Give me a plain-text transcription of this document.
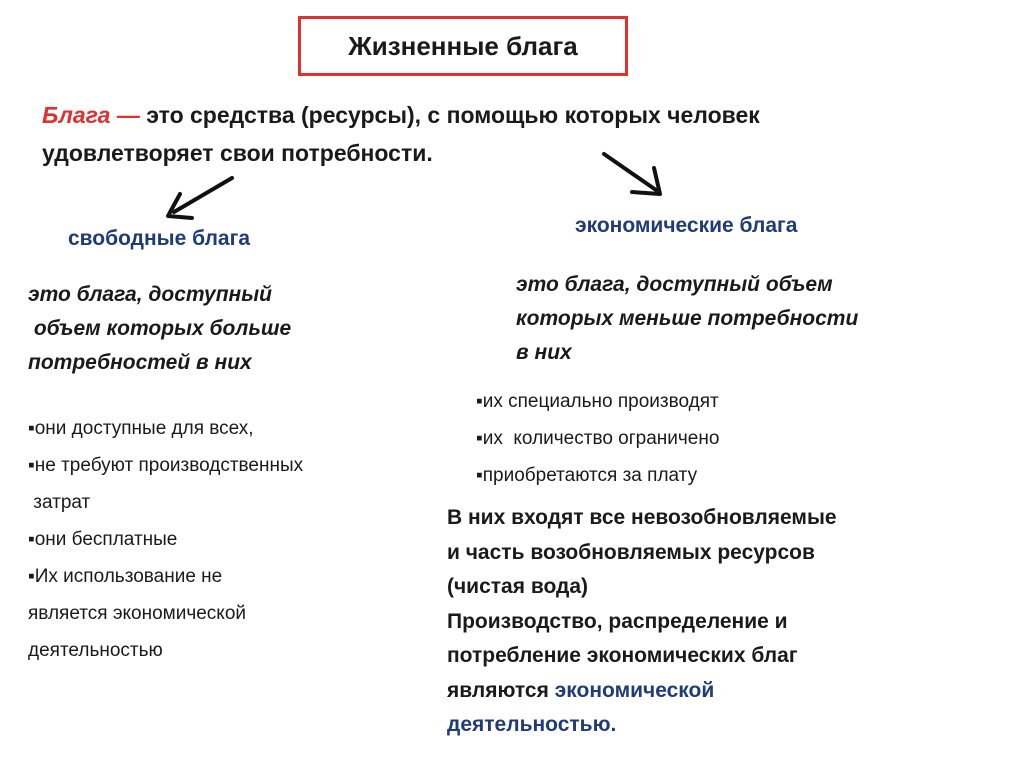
Жизненные блага
Блага — это средства (ресурсы), с помощью которых человек
удовлетворяет свои потребности.
свободные блага
это блага, доступный
объем которых больше
потребностей в них
▪они доступные для всех,
▪не требуют производственных
затрат
▪они бесплатные
▪Их использование не
является экономической
деятельностью
экономические блага
это блага, доступный объем
которых меньше потребности
в них
▪их специально производят
▪их  количество ограничено
▪приобретаются за плату
В них входят все невозобновляемые
и часть возобновляемых ресурсов
(чистая вода)
Производство, распределение и
потребление экономических благ
являются экономической
деятельностью.
